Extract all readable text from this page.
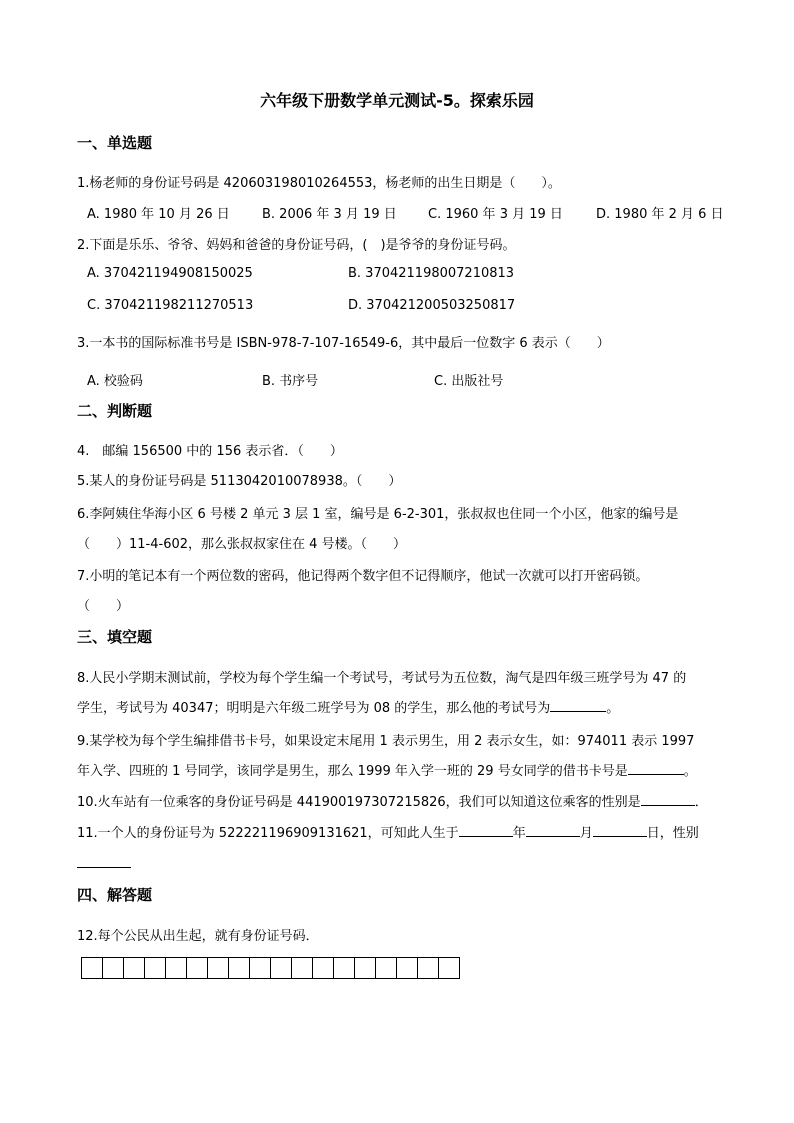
六年级下册数学单元测试-5。探索乐园
一、单选题
1.杨老师的身份证号码是 420603198010264553，杨老师的出生日期是（　　）。
A. 1980 年 10 月 26 日 B. 2006 年 3 月 19 日 C. 1960 年 3 月 19 日	D. 1980 年 2 月 6 日
2.下面是乐乐、爷爷、妈妈和爸爸的身份证号码，(　)是爷爷的身份证号码。
A. 370421194908150025	B. 370421198007210813
C. 370421198211270513	D. 370421200503250817
3.一本书的国际标准书号是 ISBN-978-7-107-16549-6，其中最后一位数字 6 表示（　　）
A. 校验码	B. 书序号	C. 出版社号
二、判断题
4.　邮编 156500 中的 156 表示省．（　　）
5.某人的身份证号码是 5113042010078938。（　　）
6.李阿姨住华海小区 6 号楼 2 单元 3 层 1 室，编号是 6-2-301，张叔叔也住同一个小区，他家的编号是
（　　）11-4-602，那么张叔叔家住在 4 号楼。（　　）
7.小明的笔记本有一个两位数的密码，他记得两个数字但不记得顺序，他试一次就可以打开密码锁。
（　　）
三、填空题
8.人民小学期末测试前，学校为每个学生编一个考试号，考试号为五位数，淘气是四年级三班学号为 47 的
学生，考试号为 40347；明明是六年级二班学号为 08 的学生，那么他的考试号为	。
9.某学校为每个学生编排借书卡号，如果设定末尾用 1 表示男生，用 2 表示女生，如：974011 表示 1997
年入学、四班的 1 号同学，该同学是男生，那么 1999 年入学一班的 29 号女同学的借书卡号是	。
10.火车站有一位乘客的身份证号码是 441900197307215826，我们可以知道这位乘客的性别是	．
11.一个人的身份证号为 522221196909131621，可知此人生于	年	月	日，性别
四、解答题
12.每个公民从出生起，就有身份证号码．
